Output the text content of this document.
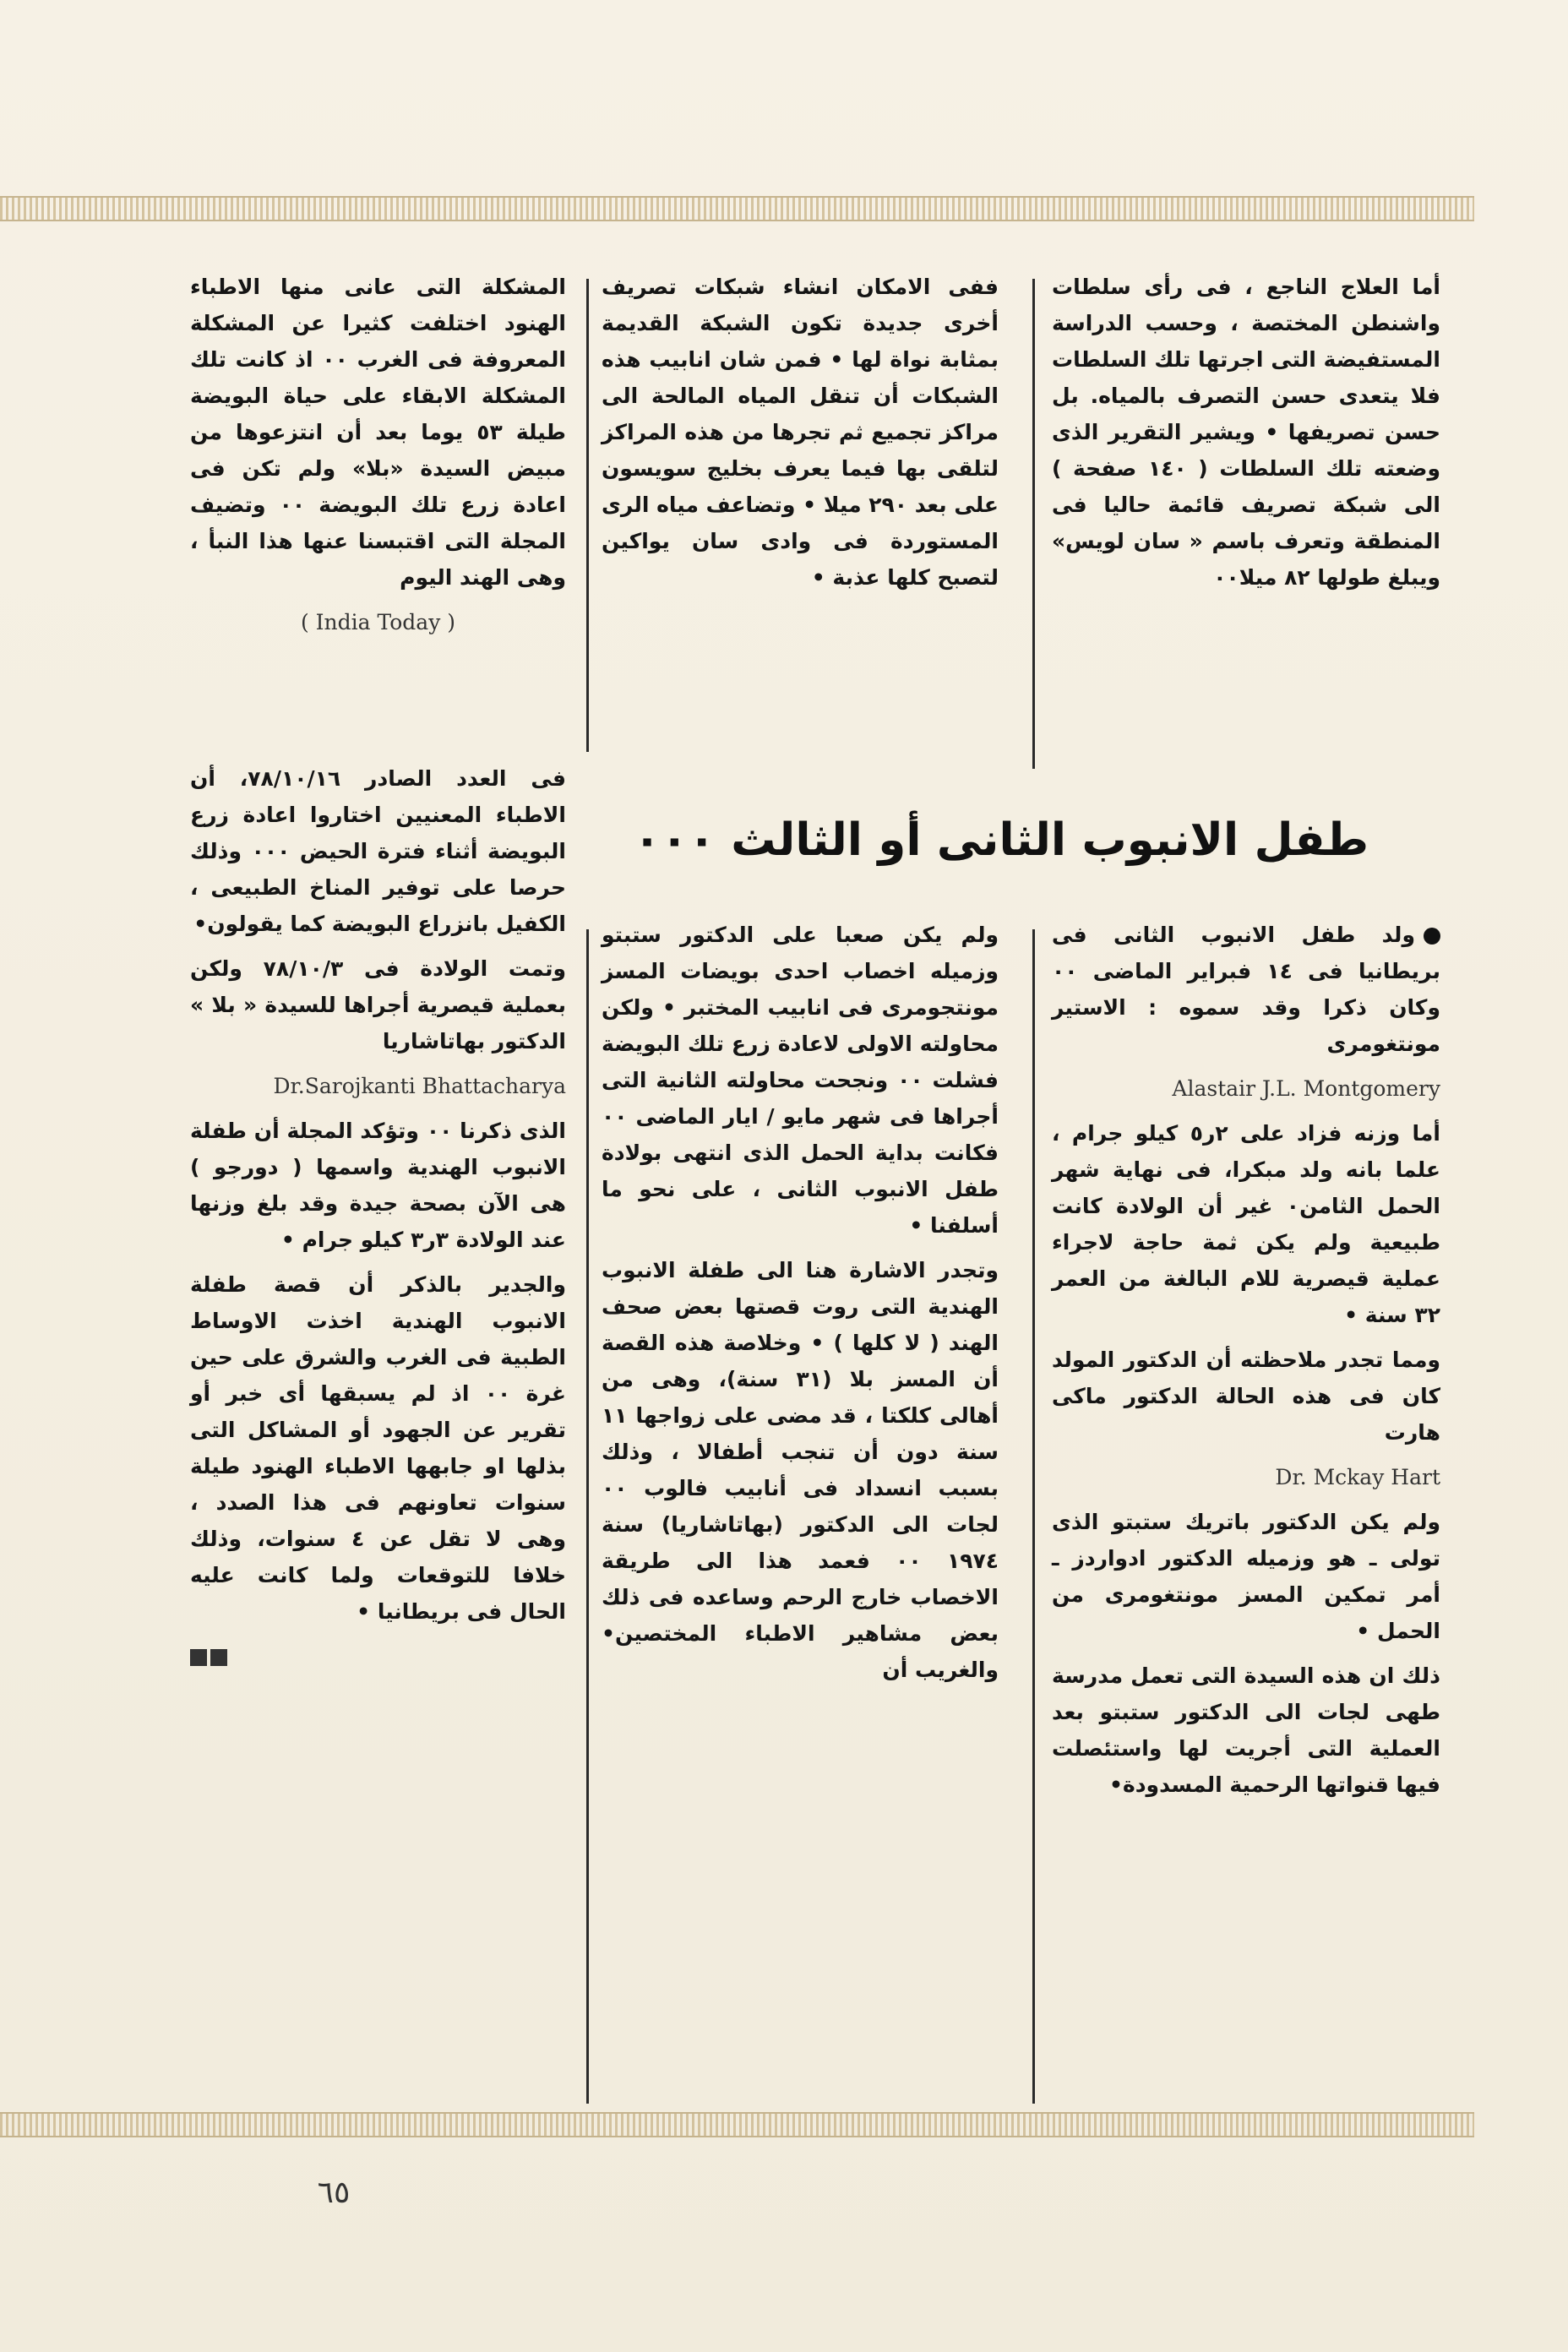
أما العلاج الناجع ، فى رأى سلطات واشنطن المختصة ، وحسب الدراسة المستفيضة التى اجرتها تلك السلطات فلا يتعدى حسن التصرف بالمياه. بل حسن تصريفها • ويشير التقرير الذى وضعته تلك السلطات ( ١٤٠ صفحة ) الى شبكة تصريف قائمة حاليا فى المنطقة وتعرف باسم « سان لويس» ويبلغ طولها ٨٢ ميلا٠٠

ففى الامكان انشاء شبكات تصريف أخرى جديدة تكون الشبكة القديمة بمثابة نواة لها • فمن شان انابيب هذه الشبكات أن تنقل المياه المالحة الى مراكز تجميع ثم تجرها من هذه المراكز لتلقى بها فيما يعرف بخليج سويسون على بعد ٢٩٠ ميلا • وتضاعف مياه الرى المستوردة فى وادى سان يواكين لتصبح كلها عذبة •

المشكلة التى عانى منها الاطباء الهنود اختلفت كثيرا عن المشكلة المعروفة فى الغرب ٠٠ اذ كانت تلك المشكلة الابقاء على حياة البويضة طيلة ٥٣ يوما بعد أن انتزعوها من مبيض السيدة «بلا» ولم تكن فى اعادة زرع تلك البويضة ٠٠ وتضيف المجلة التى اقتبسنا عنها هذا النبأ ، وهى الهند اليوم

( India Today )

طفل الانبوب الثانى أو الثالث ٠٠٠

ولد طفل الانبوب الثانى فى بريطانيا فى ١٤ فبراير الماضى ٠٠ وكان ذكرا وقد سموه : الاستير مونتغومرى

Alastair J.L. Montgomery

أما وزنه فزاد على ٢ر٥ كيلو جرام ، علما بانه ولد مبكرا، فى نهاية شهر الحمل الثامن٠ غير أن الولادة كانت طبيعية ولم يكن ثمة حاجة لاجراء عملية قيصرية للام البالغة من العمر ٣٢ سنة •

ومما تجدر ملاحظته أن الدكتور المولد كان فى هذه الحالة الدكتور ماكى هارت

Dr. Mckay Hart

ولم يكن الدكتور باتريك ستبتو الذى تولى ـ هو وزميله الدكتور ادواردز ـ أمر تمكين المسز مونتغومرى من الحمل •

ذلك ان هذه السيدة التى تعمل مدرسة طهى لجات الى الدكتور ستبتو بعد العملية التى أجريت لها واستئصلت فيها قنواتها الرحمية المسدودة•

ولم يكن صعبا على الدكتور ستبتو وزميله اخصاب احدى بويضات المسز مونتجومرى فى انابيب المختبر • ولكن محاولته الاولى لاعادة زرع تلك البويضة فشلت ٠٠ ونجحت محاولته الثانية التى أجراها فى شهر مايو / ايار الماضى ٠٠ فكانت بداية الحمل الذى انتهى بولادة طفل الانبوب الثانى ، على نحو ما أسلفنا •

وتجدر الاشارة هنا الى طفلة الانبوب الهندية التى روت قصتها بعض صحف الهند ( لا كلها ) • وخلاصة هذه القصة أن المسز بلا (٣١ سنة)، وهى من أهالى كلكتا ، قد مضى على زواجها ١١ سنة دون أن تنجب أطفالا ، وذلك بسبب انسداد فى أنابيب فالوب ٠٠ لجات الى الدكتور (بهاتاشاريا) سنة ١٩٧٤ ٠٠ فعمد هذا الى طريقة الاخصاب خارج الرحم وساعده فى ذلك بعض مشاهير الاطباء المختصين• والغريب أن

فى العدد الصادر ٧٨/١٠/١٦، أن الاطباء المعنيين اختاروا اعادة زرع البويضة أثناء فترة الحيض ٠٠٠ وذلك حرصا على توفير المناخ الطبيعى ، الكفيل بانزراع البويضة كما يقولون•

وتمت الولادة فى ٧٨/١٠/٣ ولكن بعملية قيصرية أجراها للسيدة « بلا » الدكتور بهاتاشاريا

Dr.Sarojkanti Bhattacharya

الذى ذكرنا ٠٠ وتؤكد المجلة أن طفلة الانبوب الهندية واسمها ( دورجو ) هى الآن بصحة جيدة وقد بلغ وزنها عند الولادة ٣ر٣ كيلو جرام •

والجدير بالذكر أن قصة طفلة الانبوب الهندية اخذت الاوساط الطبية فى الغرب والشرق على حين غرة ٠٠ اذ لم يسبقها أى خبر أو تقرير عن الجهود أو المشاكل التى بذلها او جابهها الاطباء الهنود طيلة سنوات تعاونهم فى هذا الصدد ، وهى لا تقل عن ٤ سنوات، وذلك خلافا للتوقعات ولما كانت عليه الحال فى بريطانيا •

٦٥
